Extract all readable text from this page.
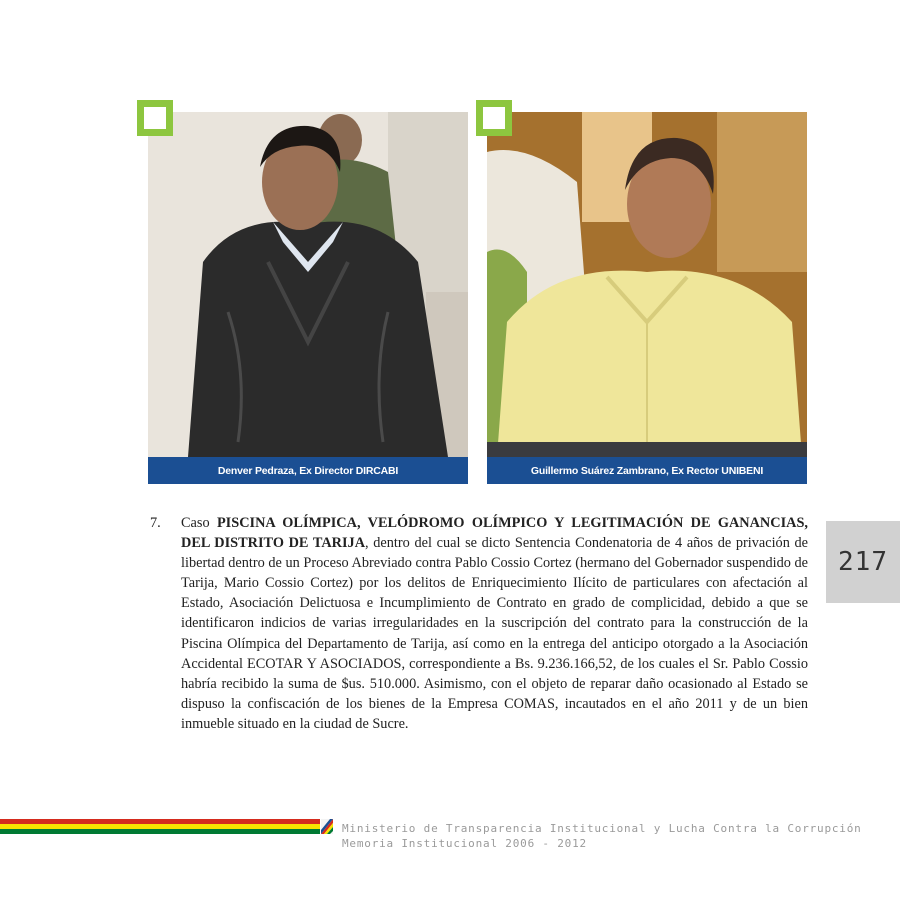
Denver Pedraza, Ex Director DIRCABI	Guillermo Suárez Zambrano, Ex Rector UNIBENI
7. Caso PISCINA OLÍMPICA, VELÓDROMO OLÍMPICO Y LEGITIMACIÓN DE GANANCIAS, DEL DISTRITO DE TARIJA, dentro del cual se dicto Sentencia Condenatoria de 4 años de privación de libertad dentro de un Proceso Abreviado contra Pablo Cossio Cortez (hermano del Gobernador suspendido de Tarija, Mario Cossio Cortez) por los delitos de Enriquecimiento Ilícito de particulares con afectación al Estado, Asociación Delictuosa e Incumplimiento de Contrato en grado de complicidad, debido a que se identificaron indicios de varias irregularidades en la suscripción del contrato para la construcción de la Piscina Olímpica del Departamento de Tarija, así como en la entrega del anticipo otorgado a la Asociación Accidental ECOTAR Y ASOCIADOS, correspondiente a Bs. 9.236.166,52, de los cuales el Sr. Pablo Cossio habría recibido la suma de $us. 510.000. Asimismo, con el objeto de reparar daño ocasionado al Estado se dispuso la confiscación de los bienes de la Empresa COMAS, incautados en el año 2011 y de un bien inmueble situado en la ciudad de Sucre.
217
Ministerio de Transparencia Institucional y Lucha Contra la Corrupción
Memoria Institucional 2006 - 2012
